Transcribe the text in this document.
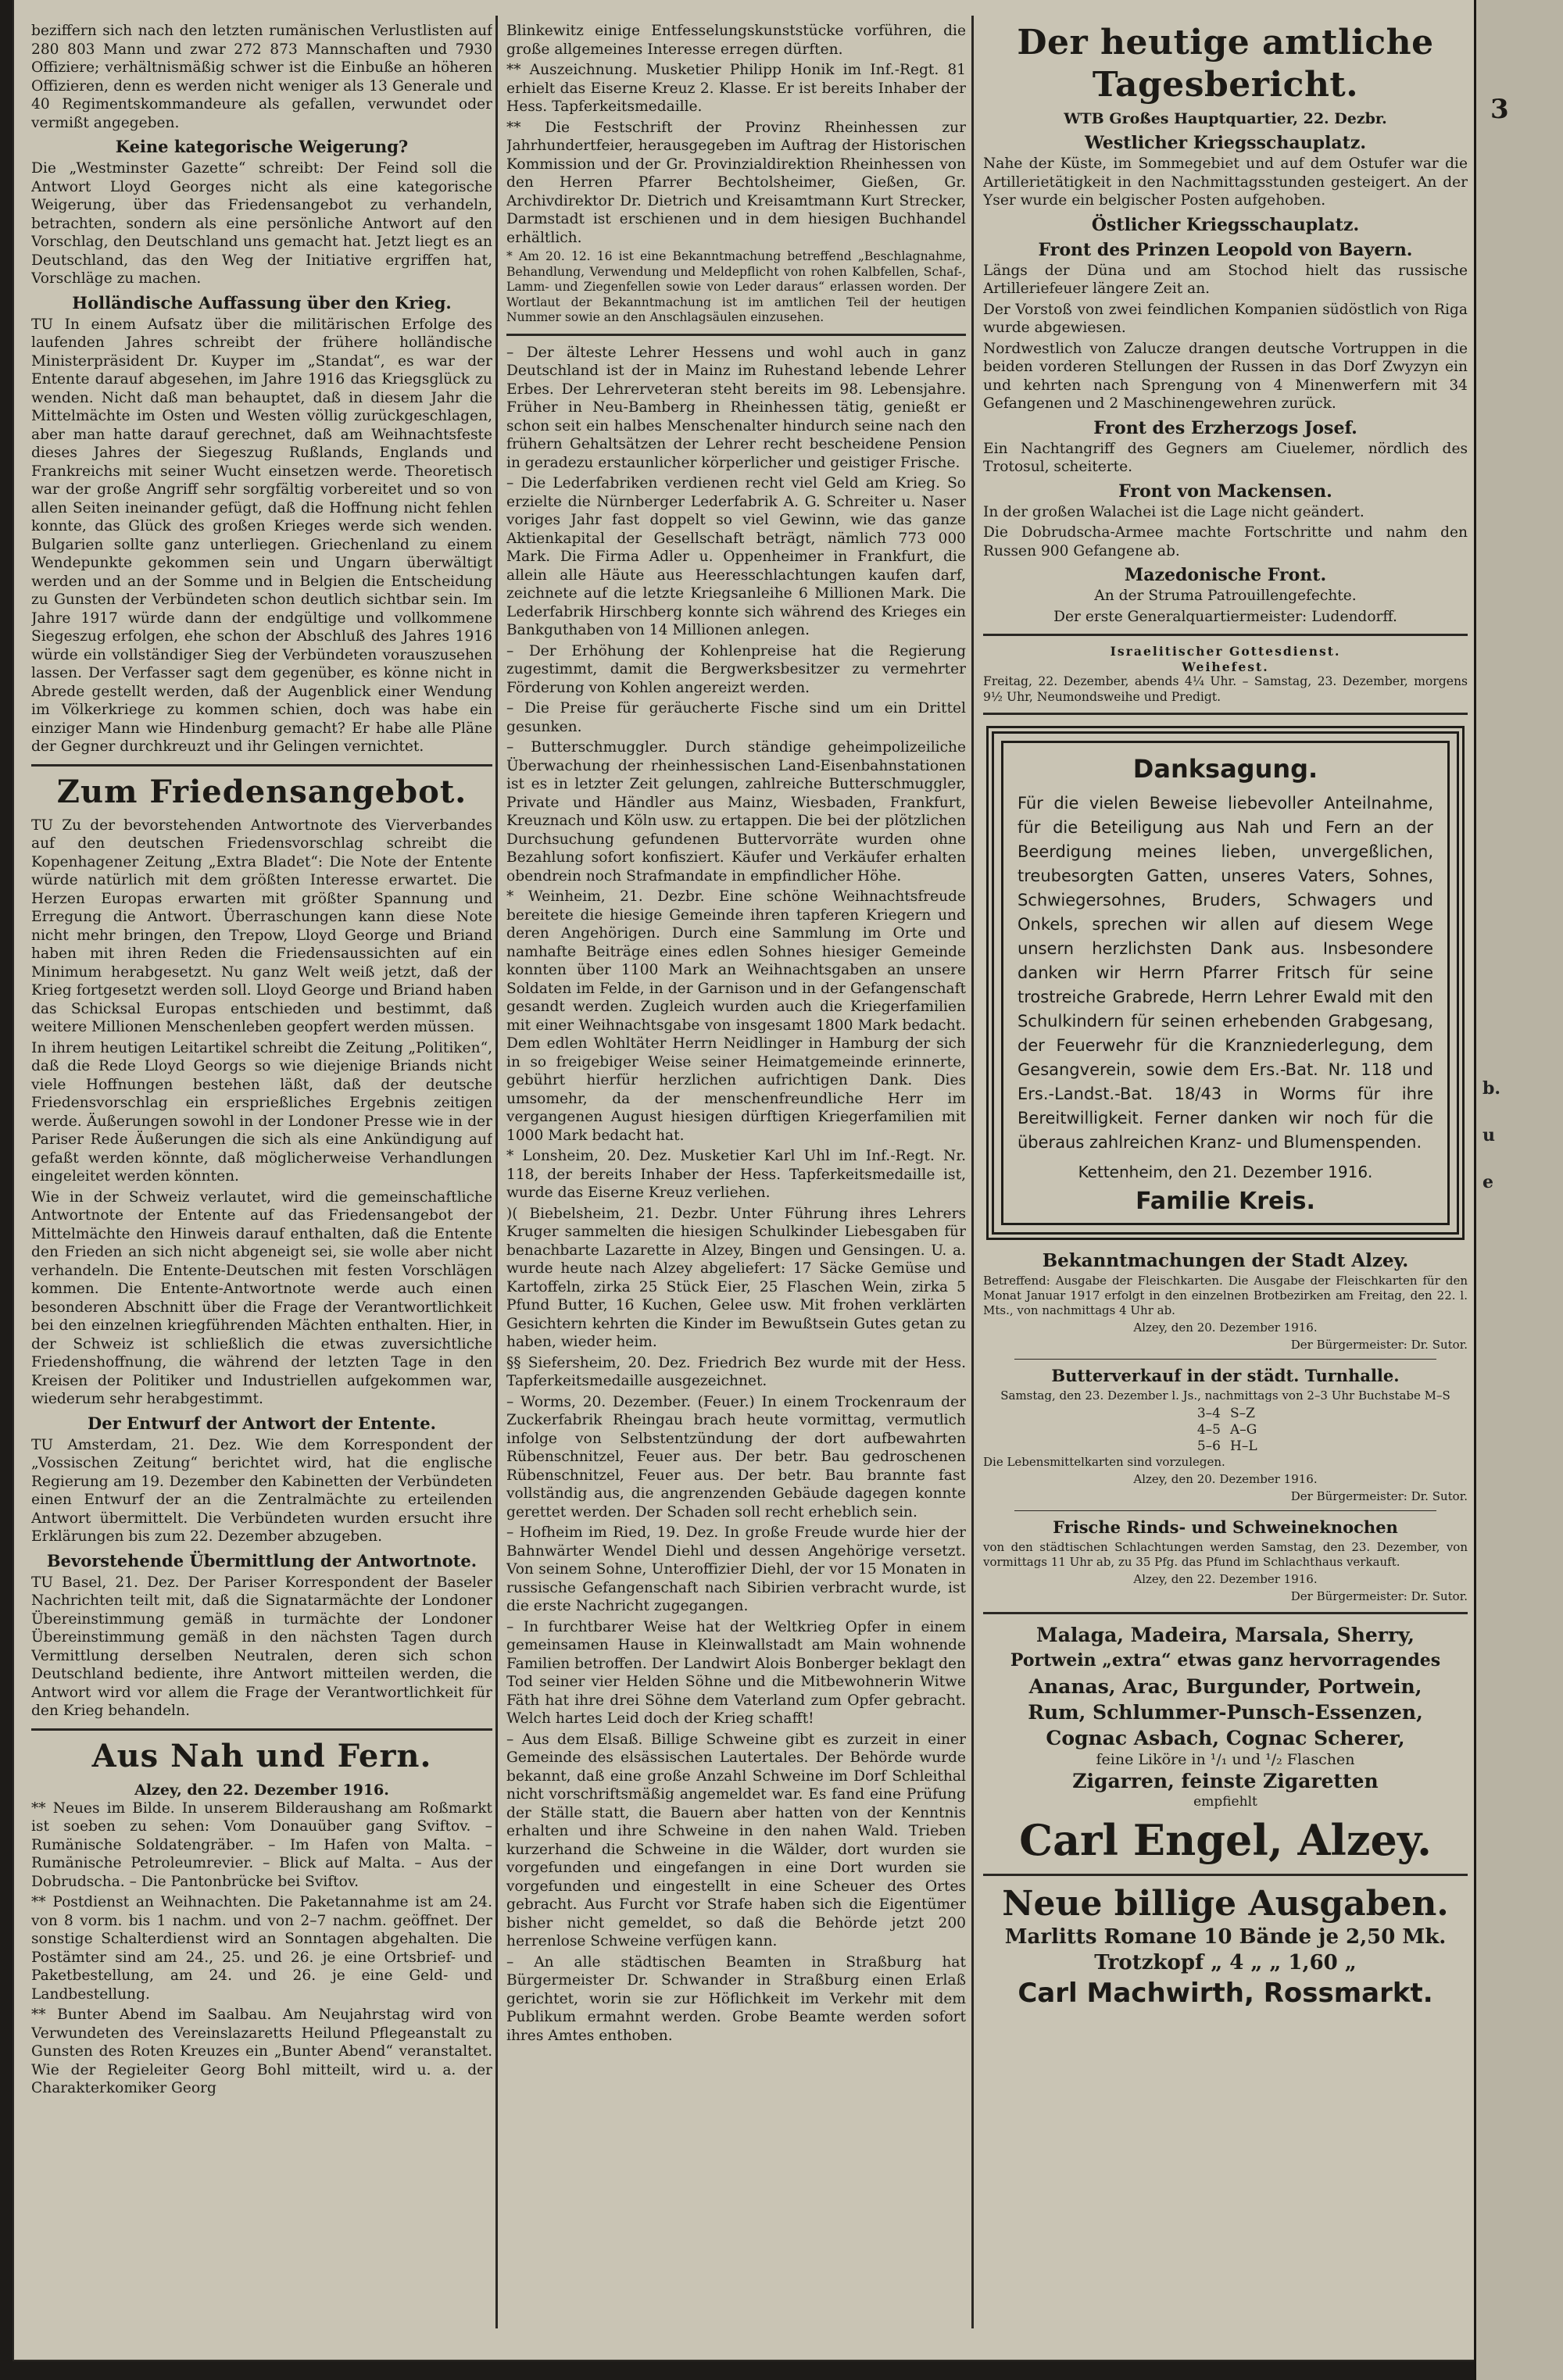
beziffern sich nach den letzten rumänischen Verlustlisten auf 280 803 Mann und zwar 272 873 Mannschaften und 7930 Offiziere; verhältnismäßig schwer ist die Einbuße an höheren Offizieren, denn es werden nicht weniger als 13 Generale und 40 Regimentskommandeure als gefallen, verwundet oder vermißt angegeben.

Keine kategorische Weigerung?

Die „Westminster Gazette“ schreibt: Der Feind soll die Antwort Lloyd Georges nicht als eine kategorische Weigerung, über das Friedensangebot zu verhandeln, betrachten, sondern als eine persönliche Antwort auf den Vorschlag, den Deutschland uns gemacht hat. Jetzt liegt es an Deutschland, das den Weg der Initiative ergriffen hat, Vorschläge zu machen.

Holländische Auffassung über den Krieg.

TU In einem Aufsatz über die militärischen Erfolge des laufenden Jahres schreibt der frühere holländische Ministerpräsident Dr. Kuyper im „Standat“, es war der Entente darauf abgesehen, im Jahre 1916 das Kriegsglück zu wenden. Nicht daß man behauptet, daß in diesem Jahr die Mittelmächte im Osten und Westen völlig zurückgeschlagen, aber man hatte darauf gerechnet, daß am Weihnachtsfeste dieses Jahres der Siegeszug Rußlands, Englands und Frankreichs mit seiner Wucht einsetzen werde. Theoretisch war der große Angriff sehr sorgfältig vorbereitet und so von allen Seiten ineinander gefügt, daß die Hoffnung nicht fehlen konnte, das Glück des großen Krieges werde sich wenden. Bulgarien sollte ganz unterliegen. Griechenland zu einem Wendepunkte gekommen sein und Ungarn überwältigt werden und an der Somme und in Belgien die Entscheidung zu Gunsten der Verbündeten schon deutlich sichtbar sein. Im Jahre 1917 würde dann der endgültige und vollkommene Siegeszug erfolgen, ehe schon der Abschluß des Jahres 1916 würde ein vollständiger Sieg der Verbündeten vorauszusehen lassen. Der Verfasser sagt dem gegenüber, es könne nicht in Abrede gestellt werden, daß der Augenblick einer Wendung im Völkerkriege zu kommen schien, doch was habe ein einziger Mann wie Hindenburg gemacht? Er habe alle Pläne der Gegner durchkreuzt und ihr Gelingen vernichtet.

Zum Friedensangebot.

TU Zu der bevorstehenden Antwortnote des Vierverbandes auf den deutschen Friedensvorschlag schreibt die Kopenhagener Zeitung „Extra Bladet“: Die Note der Entente würde natürlich mit dem größten Interesse erwartet. Die Herzen Europas erwarten mit größter Spannung und Erregung die Antwort. Überraschungen kann diese Note nicht mehr bringen, den Trepow, Lloyd George und Briand haben mit ihren Reden die Friedensaussichten auf ein Minimum herabgesetzt. Nu ganz Welt weiß jetzt, daß der Krieg fortgesetzt werden soll. Lloyd George und Briand haben das Schicksal Europas entschieden und bestimmt, daß weitere Millionen Menschenleben geopfert werden müssen.

In ihrem heutigen Leitartikel schreibt die Zeitung „Politiken“, daß die Rede Lloyd Georgs so wie diejenige Briands nicht viele Hoffnungen bestehen läßt, daß der deutsche Friedensvorschlag ein ersprießliches Ergebnis zeitigen werde. Äußerungen sowohl in der Londoner Presse wie in der Pariser Rede Äußerungen die sich als eine Ankündigung auf gefaßt werden könnte, daß möglicherweise Verhandlungen eingeleitet werden könnten.

Wie in der Schweiz verlautet, wird die gemeinschaftliche Antwortnote der Entente auf das Friedensangebot der Mittelmächte den Hinweis darauf enthalten, daß die Entente den Frieden an sich nicht abgeneigt sei, sie wolle aber nicht verhandeln. Die Entente-Deutschen mit festen Vorschlägen kommen. Die Entente-Antwortnote werde auch einen besonderen Abschnitt über die Frage der Verantwortlichkeit bei den einzelnen kriegführenden Mächten enthalten. Hier, in der Schweiz ist schließlich die etwas zuversichtliche Friedenshoffnung, die während der letzten Tage in den Kreisen der Politiker und Industriellen aufgekommen war, wiederum sehr herabgestimmt.

Der Entwurf der Antwort der Entente.

TU Amsterdam, 21. Dez. Wie dem Korrespondent der „Vossischen Zeitung“ berichtet wird, hat die englische Regierung am 19. Dezember den Kabinetten der Verbündeten einen Entwurf der an die Zentralmächte zu erteilenden Antwort übermittelt. Die Verbündeten wurden ersucht ihre Erklärungen bis zum 22. Dezember abzugeben.

Bevorstehende Übermittlung der Antwortnote.

TU Basel, 21. Dez. Der Pariser Korrespondent der Baseler Nachrichten teilt mit, daß die Signatarmächte der Londoner Übereinstimmung gemäß in turmächte der Londoner Übereinstimmung gemäß in den nächsten Tagen durch Vermittlung derselben Neutralen, deren sich schon Deutschland bediente, ihre Antwort mitteilen werden, die Antwort wird vor allem die Frage der Verantwortlichkeit für den Krieg behandeln.

Aus Nah und Fern.
Alzey, den 22. Dezember 1916.

** Neues im Bilde. In unserem Bilderaushang am Roßmarkt ist soeben zu sehen: Vom Donauüber gang Sviftov. – Rumänische Soldatengräber. – Im Hafen von Malta. – Rumänische Petroleumrevier. – Blick auf Malta. – Aus der Dobrudscha. – Die Pantonbrücke bei Sviftov.

** Postdienst an Weihnachten. Die Paketannahme ist am 24. von 8 vorm. bis 1 nachm. und von 2–7 nachm. geöffnet. Der sonstige Schalterdienst wird an Sonntagen abgehalten. Die Postämter sind am 24., 25. und 26. je eine Ortsbrief- und Paketbestellung, am 24. und 26. je eine Geld- und Landbestellung.

** Bunter Abend im Saalbau. Am Neujahrstag wird von Verwundeten des Vereinslazaretts Heilund Pflegeanstalt zu Gunsten des Roten Kreuzes ein „Bunter Abend“ veranstaltet. Wie der Regieleiter Georg Bohl mitteilt, wird u. a. der Charakterkomiker Georg

Blinkewitz einige Entfesselungskunststücke vorführen, die große allgemeines Interesse erregen dürften.

** Auszeichnung. Musketier Philipp Honik im Inf.-Regt. 81 erhielt das Eiserne Kreuz 2. Klasse. Er ist bereits Inhaber der Hess. Tapferkeitsmedaille.

** Die Festschrift der Provinz Rheinhessen zur Jahrhundertfeier, herausgegeben im Auftrag der Historischen Kommission und der Gr. Provinzialdirektion Rheinhessen von den Herren Pfarrer Bechtolsheimer, Gießen, Gr. Archivdirektor Dr. Dietrich und Kreisamtmann Kurt Strecker, Darmstadt ist erschienen und in dem hiesigen Buchhandel erhältlich.

* Am 20. 12. 16 ist eine Bekanntmachung betreffend „Beschlagnahme, Behandlung, Verwendung und Meldepflicht von rohen Kalbfellen, Schaf-, Lamm- und Ziegenfellen sowie von Leder daraus“ erlassen worden. Der Wortlaut der Bekanntmachung ist im amtlichen Teil der heutigen Nummer sowie an den Anschlagsäulen einzusehen.

– Der älteste Lehrer Hessens und wohl auch in ganz Deutschland ist der in Mainz im Ruhestand lebende Lehrer Erbes. Der Lehrerveteran steht bereits im 98. Lebensjahre. Früher in Neu-Bamberg in Rheinhessen tätig, genießt er schon seit ein halbes Menschenalter hindurch seine nach den frühern Gehaltsätzen der Lehrer recht bescheidene Pension in geradezu erstaunlicher körperlicher und geistiger Frische.

– Die Lederfabriken verdienen recht viel Geld am Krieg. So erzielte die Nürnberger Lederfabrik A. G. Schreiter u. Naser voriges Jahr fast doppelt so viel Gewinn, wie das ganze Aktienkapital der Gesellschaft beträgt, nämlich 773 000 Mark. Die Firma Adler u. Oppenheimer in Frankfurt, die allein alle Häute aus Heeresschlachtungen kaufen darf, zeichnete auf die letzte Kriegsanleihe 6 Millionen Mark. Die Lederfabrik Hirschberg konnte sich während des Krieges ein Bankguthaben von 14 Millionen anlegen.

– Der Erhöhung der Kohlenpreise hat die Regierung zugestimmt, damit die Bergwerksbesitzer zu vermehrter Förderung von Kohlen angereizt werden.

– Die Preise für geräucherte Fische sind um ein Drittel gesunken.

– Butterschmuggler. Durch ständige geheimpolizeiliche Überwachung der rheinhessischen Land-Eisenbahnstationen ist es in letzter Zeit gelungen, zahlreiche Butterschmuggler, Private und Händler aus Mainz, Wiesbaden, Frankfurt, Kreuznach und Köln usw. zu ertappen. Die bei der plötzlichen Durchsuchung gefundenen Buttervorräte wurden ohne Bezahlung sofort konfisziert. Käufer und Verkäufer erhalten obendrein noch Strafmandate in empfindlicher Höhe.

* Weinheim, 21. Dezbr. Eine schöne Weihnachtsfreude bereitete die hiesige Gemeinde ihren tapferen Kriegern und deren Angehörigen. Durch eine Sammlung im Orte und namhafte Beiträge eines edlen Sohnes hiesiger Gemeinde konnten über 1100 Mark an Weihnachtsgaben an unsere Soldaten im Felde, in der Garnison und in der Gefangenschaft gesandt werden. Zugleich wurden auch die Kriegerfamilien mit einer Weihnachtsgabe von insgesamt 1800 Mark bedacht. Dem edlen Wohltäter Herrn Neidlinger in Hamburg der sich in so freigebiger Weise seiner Heimatgemeinde erinnerte, gebührt hierfür herzlichen aufrichtigen Dank. Dies umsomehr, da der menschenfreundliche Herr im vergangenen August hiesigen dürftigen Kriegerfamilien mit 1000 Mark bedacht hat.

* Lonsheim, 20. Dez. Musketier Karl Uhl im Inf.-Regt. Nr. 118, der bereits Inhaber der Hess. Tapferkeitsmedaille ist, wurde das Eiserne Kreuz verliehen.

)( Biebelsheim, 21. Dezbr. Unter Führung ihres Lehrers Kruger sammelten die hiesigen Schulkinder Liebesgaben für benachbarte Lazarette in Alzey, Bingen und Gensingen. U. a. wurde heute nach Alzey abgeliefert: 17 Säcke Gemüse und Kartoffeln, zirka 25 Stück Eier, 25 Flaschen Wein, zirka 5 Pfund Butter, 16 Kuchen, Gelee usw. Mit frohen verklärten Gesichtern kehrten die Kinder im Bewußtsein Gutes getan zu haben, wieder heim.

§§ Siefersheim, 20. Dez. Friedrich Bez wurde mit der Hess. Tapferkeitsmedaille ausgezeichnet.

– Worms, 20. Dezember. (Feuer.) In einem Trockenraum der Zuckerfabrik Rheingau brach heute vormittag, vermutlich infolge von Selbstentzündung der dort aufbewahrten Rübenschnitzel, Feuer aus. Der betr. Bau gedroschenen Rübenschnitzel, Feuer aus. Der betr. Bau brannte fast vollständig aus, die angrenzenden Gebäude dagegen konnte gerettet werden. Der Schaden soll recht erheblich sein.

– Hofheim im Ried, 19. Dez. In große Freude wurde hier der Bahnwärter Wendel Diehl und dessen Angehörige versetzt. Von seinem Sohne, Unteroffizier Diehl, der vor 15 Monaten in russische Gefangenschaft nach Sibirien verbracht wurde, ist die erste Nachricht zugegangen.

– In furchtbarer Weise hat der Weltkrieg Opfer in einem gemeinsamen Hause in Kleinwallstadt am Main wohnende Familien betroffen. Der Landwirt Alois Bonberger beklagt den Tod seiner vier Helden Söhne und die Mitbewohnerin Witwe Fäth hat ihre drei Söhne dem Vaterland zum Opfer gebracht. Welch hartes Leid doch der Krieg schafft!

– Aus dem Elsaß. Billige Schweine gibt es zurzeit in einer Gemeinde des elsässischen Lautertales. Der Behörde wurde bekannt, daß eine große Anzahl Schweine im Dorf Schleithal nicht vorschriftsmäßig angemeldet war. Es fand eine Prüfung der Ställe statt, die Bauern aber hatten von der Kenntnis erhalten und ihre Schweine in den nahen Wald. Trieben kurzerhand die Schweine in die Wälder, dort wurden sie vorgefunden und eingefangen in eine Dort wurden sie vorgefunden und eingestellt in eine Scheuer des Ortes gebracht. Aus Furcht vor Strafe haben sich die Eigentümer bisher nicht gemeldet, so daß die Behörde jetzt 200 herrenlose Schweine verfügen kann.

– An alle städtischen Beamten in Straßburg hat Bürgermeister Dr. Schwander in Straßburg einen Erlaß gerichtet, worin sie zur Höflichkeit im Verkehr mit dem Publikum ermahnt werden. Grobe Beamte werden sofort ihres Amtes enthoben.

Der heutige amtliche Tagesbericht.
WTB Großes Hauptquartier, 22. Dezbr.
Westlicher Kriegsschauplatz.

Nahe der Küste, im Sommegebiet und auf dem Ostufer war die Artillerietätigkeit in den Nachmittagsstunden gesteigert. An der Yser wurde ein belgischer Posten aufgehoben.

Östlicher Kriegsschauplatz.
Front des Prinzen Leopold von Bayern.

Längs der Düna und am Stochod hielt das russische Artilleriefeuer längere Zeit an.

Der Vorstoß von zwei feindlichen Kompanien südöstlich von Riga wurde abgewiesen.

Nordwestlich von Zalucze drangen deutsche Vortruppen in die beiden vorderen Stellungen der Russen in das Dorf Zwyzyn ein und kehrten nach Sprengung von 4 Minenwerfern mit 34 Gefangenen und 2 Maschinengewehren zurück.

Front des Erzherzogs Josef.

Ein Nachtangriff des Gegners am Ciuelemer, nördlich des Trotosul, scheiterte.

Front von Mackensen.

In der großen Walachei ist die Lage nicht geändert.

Die Dobrudscha-Armee machte Fortschritte und nahm den Russen 900 Gefangene ab.

Mazedonische Front.

An der Struma Patrouillengefechte.

Der erste Generalquartiermeister: Ludendorff.

Israelitischer Gottesdienst.
Weihefest.

Freitag, 22. Dezember, abends 4¼ Uhr. – Samstag, 23. Dezember, morgens 9½ Uhr, Neumondsweihe und Predigt.

Danksagung.
Für die vielen Beweise liebevoller Anteilnahme, für die Beteiligung aus Nah und Fern an der Beerdigung meines lieben, unvergeßlichen, treubesorgten Gatten, unseres Vaters, Sohnes, Schwiegersohnes, Bruders, Schwagers und Onkels, sprechen wir allen auf diesem Wege unsern herzlichsten Dank aus. Insbesondere danken wir Herrn Pfarrer Fritsch für seine trostreiche Grabrede, Herrn Lehrer Ewald mit den Schulkindern für seinen erhebenden Grabgesang, der Feuerwehr für die Kranzniederlegung, dem Gesangverein, sowie dem Ers.-Bat. Nr. 118 und Ers.-Landst.-Bat. 18/43 in Worms für ihre Bereitwilligkeit. Ferner danken wir noch für die überaus zahlreichen Kranz- und Blumenspenden.
Kettenheim, den 21. Dezember 1916.
Familie Kreis.
Bekanntmachungen der Stadt Alzey.

Betreffend: Ausgabe der Fleischkarten. Die Ausgabe der Fleischkarten für den Monat Januar 1917 erfolgt in den einzelnen Brotbezirken am Freitag, den 22. l. Mts., von nachmittags 4 Uhr ab.

Alzey, den 20. Dezember 1916.

Der Bürgermeister: Dr. Sutor.

Butterverkauf in der städt. Turnhalle.

Samstag, den 23. Dezember l. Js., nachmittags von 2–3 Uhr Buchstabe M–S

3–4	S–Z
4–5	A–G
5–6	H–L

Die Lebensmittelkarten sind vorzulegen.

Alzey, den 20. Dezember 1916.

Der Bürgermeister: Dr. Sutor.

Frische Rinds- und Schweineknochen

von den städtischen Schlachtungen werden Samstag, den 23. Dezember, von vormittags 11 Uhr ab, zu 35 Pfg. das Pfund im Schlachthaus verkauft.

Alzey, den 22. Dezember 1916.

Der Bürgermeister: Dr. Sutor.

Malaga, Madeira, Marsala, Sherry,
Portwein „extra“ etwas ganz hervorragendes
Ananas, Arac, Burgunder, Portwein,
Rum, Schlummer-Punsch-Essenzen,
Cognac Asbach, Cognac Scherer,
feine Liköre in ¹/₁ und ¹/₂ Flaschen
Zigarren, feinste Zigaretten
empfiehlt
Carl Engel, Alzey.
Neue billige Ausgaben.
Marlitts Romane 10 Bände je 2,50 Mk.
Trotzkopf „ 4 „ „ 1,60 „
Carl Machwirth, Rossmarkt.
3
b.
u
e
